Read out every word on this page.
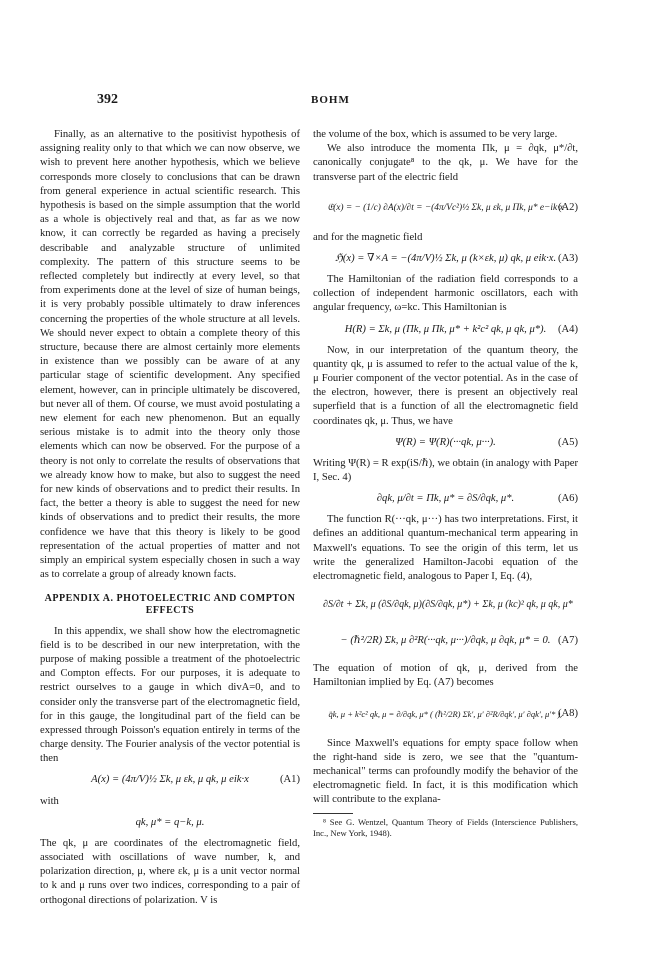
392	BOHM

Finally, as an alternative to the positivist hypothesis of assigning reality only to that which we can now observe, we wish to prevent here another hypothesis, which we believe corresponds more closely to conclusions that can be drawn from general experience in actual scientific research. This hypothesis is based on the simple assumption that the world as a whole is objectively real and that, as far as we now know, it can correctly be regarded as having a precisely describable and analyzable structure of unlimited complexity. The pattern of this structure seems to be reflected completely but indirectly at every level, so that from experiments done at the level of size of human beings, it is very probably possible ultimately to draw inferences concerning the properties of the whole structure at all levels. We should never expect to obtain a complete theory of this structure, because there are almost certainly more elements in existence than we possibly can be aware of at any particular stage of scientific development. Any specified element, however, can in principle ultimately be discovered, but never all of them. Of course, we must avoid postulating a new element for each new phenomenon. But an equally serious mistake is to admit into the theory only those elements which can now be observed. For the purpose of a theory is not only to correlate the results of observations that we already know how to make, but also to suggest the need for new kinds of observations and to predict their results. In fact, the better a theory is able to suggest the need for new kinds of observations and to predict their results, the more confidence we have that this theory is likely to be good representation of the actual properties of matter and not simply an empirical system especially chosen in such a way as to correlate a group of already known facts.

APPENDIX A. PHOTOELECTRIC AND COMPTON EFFECTS

In this appendix, we shall show how the electromagnetic field is to be described in our new interpretation, with the purpose of making possible a treatment of the photoelectric and Compton effects. For our purposes, it is adequate to restrict ourselves to a gauge in which divA=0, and to consider only the transverse part of the electromagnetic field, for in this gauge, the longitudinal part of the field can be expressed through Poisson's equation entirely in terms of the charge density. The Fourier analysis of the vector potential is then

A(x) = (4π/V)½ Σk, μ εk, μ qk, μ eik·x	(A1)

with

qk, μ* = q−k, μ.

The qk, μ are coordinates of the electromagnetic field, associated with oscillations of wave number, k, and polarization direction, μ, where εk, μ is a unit vector normal to k and μ runs over two indices, corresponding to a pair of orthogonal directions of polarization. V is

the volume of the box, which is assumed to be very large.

We also introduce the momenta Πk, μ = ∂qk, μ*/∂t, canonically conjugate⁸ to the qk, μ. We have for the transverse part of the electric field

𝔈(x) = − (1/c) ∂A(x)/∂t = −(4π/Vc²)½ Σk, μ εk, μ Πk, μ* e−ik·x
(A2)

and for the magnetic field

ℌ(x) = ∇×A = −(4π/V)½ Σk, μ (k×εk, μ) qk, μ eik·x. (A3)

The Hamiltonian of the radiation field corresponds to a collection of independent harmonic oscillators, each with angular frequency, ω=kc. This Hamiltonian is

H(R) = Σk, μ (Πk, μ Πk, μ* + k²c² qk, μ qk, μ*). (A4)

Now, in our interpretation of the quantum theory, the quantity qk, μ is assumed to refer to the actual value of the k, μ Fourier component of the vector potential. As in the case of the electron, however, there is present an objectively real superfield that is a function of all the electromagnetic field coordinates qk, μ. Thus, we have

Ψ(R) = Ψ(R)(···qk, μ···).	(A5)

Writing Ψ(R) = R exp(iS/ℏ), we obtain (in analogy with Paper I, Sec. 4)

∂qk, μ/∂t = Πk, μ* = ∂S/∂qk, μ*.	(A6)

The function R(···qk, μ···) has two interpretations. First, it defines an additional quantum-mechanical term appearing in Maxwell's equations. To see the origin of this term, let us write the generalized Hamilton-Jacobi equation of the electromagnetic field, analogous to Paper I, Eq. (4),

∂S/∂t + Σk, μ (∂S/∂qk, μ)(∂S/∂qk, μ*) + Σk, μ (kc)² qk, μ qk, μ*
− (ℏ²/2R) Σk, μ ∂²R(···qk, μ···)/∂qk, μ ∂qk, μ* = 0. (A7)

The equation of motion of qk, μ, derived from the Hamiltonian implied by Eq. (A7) becomes

q̈k, μ + k²c² qk, μ = ∂/∂qk, μ* ( (ℏ²/2R) Σk′, μ′ ∂²R/∂qk′, μ′ ∂qk′, μ′* ).
(A8)

Since Maxwell's equations for empty space follow when the right-hand side is zero, we see that the "quantum-mechanical" terms can profoundly modify the behavior of the electromagnetic field. In fact, it is this modification which will contribute to the explana-

⁸ See G. Wentzel, Quantum Theory of Fields (Interscience Publishers, Inc., New York, 1948).
